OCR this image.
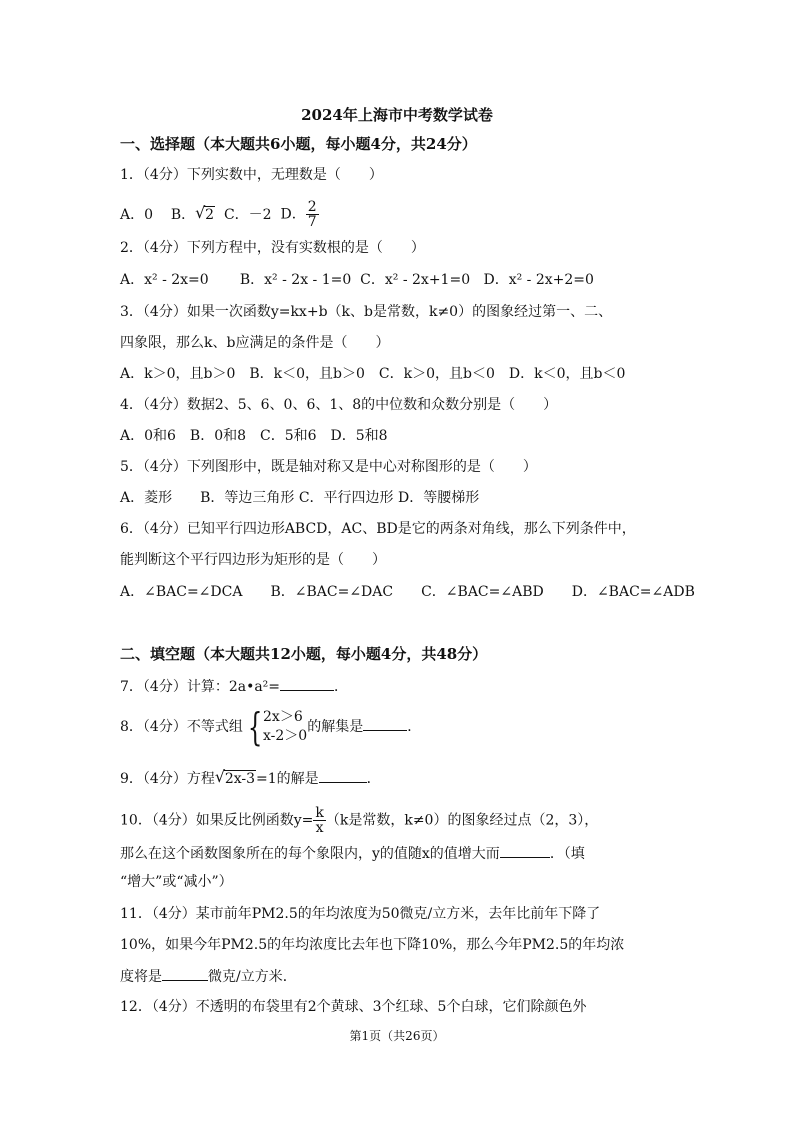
2024年上海市中考数学试卷
一、选择题（本大题共6小题，每小题4分，共24分）
1．（4分）下列实数中，无理数是（　　）
A．0 B． √ 2 C．－2 D． $\frac{2}{7}$
2．（4分）下列方程中，没有实数根的是（　　）
A．x² - 2x=0 B．x² - 2x - 1=0 C．x² - 2x+1=0 D．x² - 2x+2=0
3．（4分）如果一次函数y=kx+b（k、b是常数，k≠0）的图象经过第一、二、
四象限，那么k、b应满足的条件是（　　）
A．k＞0，且b＞0　B．k＜0，且b＞0　C．k＞0，且b＜0　D．k＜0，且b＜0
4．（4分）数据2、5、6、0、6、1、8的中位数和众数分别是（　　）
A．0和6　B．0和8　C．5和6　D．5和8
5．（4分）下列图形中，既是轴对称又是中心对称图形的是（　　）
A．菱形　　B．等边三角形 C．平行四边形 D．等腰梯形
6．（4分）已知平行四边形ABCD，AC、BD是它的两条对角线，那么下列条件中，
能判断这个平行四边形为矩形的是（　　）
A．∠BAC=∠DCA　　B．∠BAC=∠DAC　　C．∠BAC=∠ABD　　D．∠BAC=∠ADB
二、填空题（本大题共12小题，每小题4分，共48分）
7．（4分）计算：2a•a²=	．
8．（4分）不等式组 { 2x＞6
x-2＞0
的解集是	．
9．（4分）方程 √ 2x-3=1的解是	．
10．（4分）如果反比例函数$y= \frac{k}{x} (k$是常数，k≠0）的图象经过点（2，3），
那么在这个函数图象所在的每个象限内，y的值随x的值增大而	．（填
“增大”或“减小”）
11．（4分）某市前年PM2.5的年均浓度为50微克/立方米，去年比前年下降了
10%，如果今年PM2.5的年均浓度比去年也下降10%，那么今年PM2.5的年均浓
度将是	微克/立方米．
12．（4分）不透明的布袋里有2个黄球、3个红球、5个白球，它们除颜色外
第1页（共26页）
